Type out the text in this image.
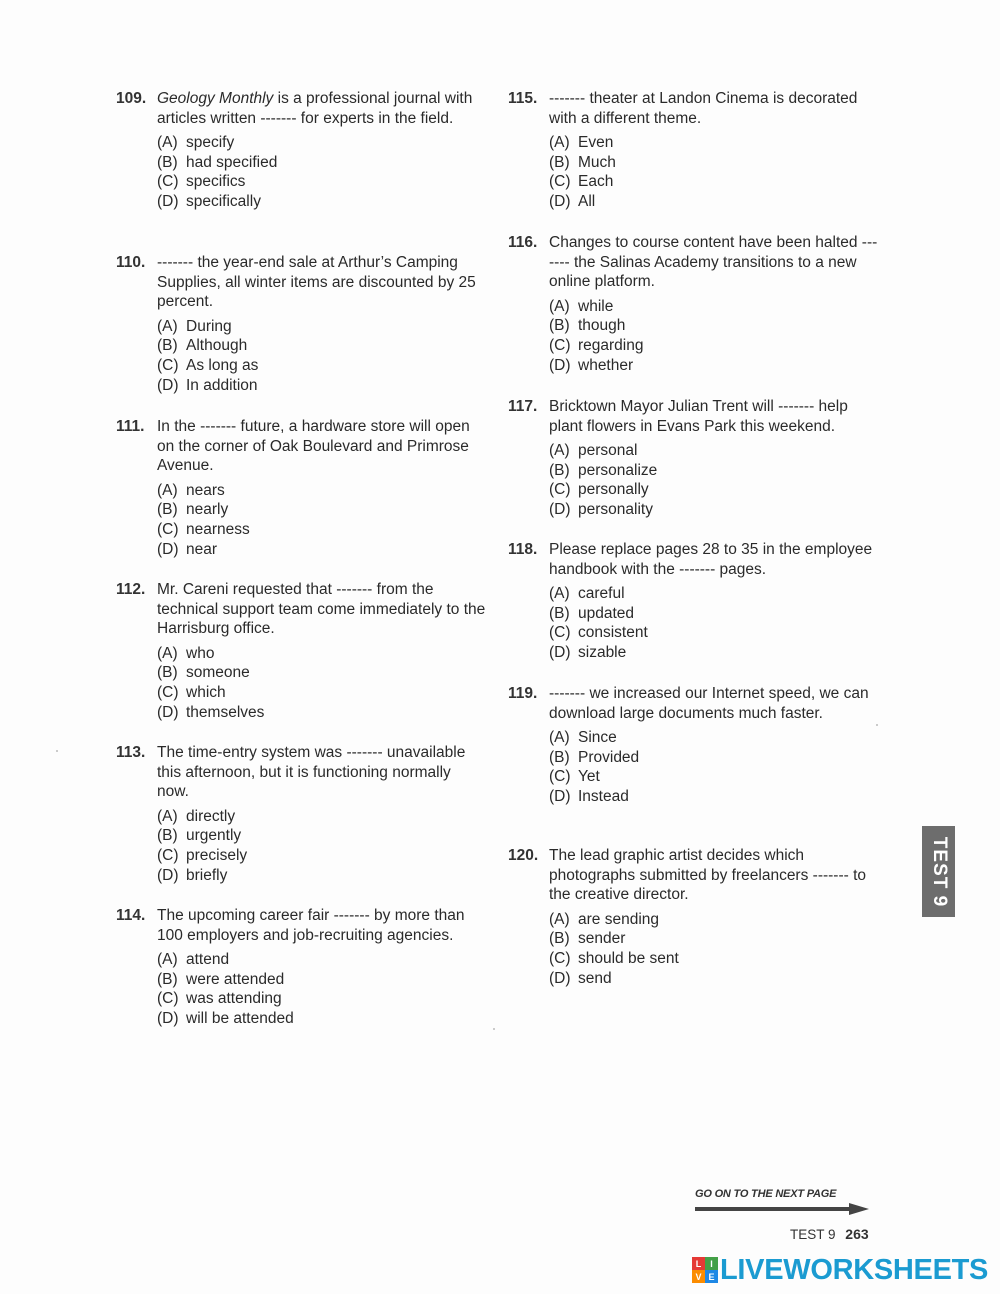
109. Geology Monthly is a professional journal with articles written ------- for experts in the field.

(A) specify
(B) had specified
(C) specifics
(D) specifically
110. ------- the year-end sale at Arthur’s Camping Supplies, all winter items are discounted by 25 percent.

(A) During
(B) Although
(C) As long as
(D) In addition
111. In the ------- future, a hardware store will open on the corner of Oak Boulevard and Primrose Avenue.

(A) nears
(B) nearly
(C) nearness
(D) near
112. Mr. Careni requested that ------- from the technical support team come immediately to the Harrisburg office.

(A) who
(B) someone
(C) which
(D) themselves
113. The time-entry system was ------- unavailable this afternoon, but it is functioning normally now.

(A) directly
(B) urgently
(C) precisely
(D) briefly
114. The upcoming career fair ------- by more than 100 employers and job-recruiting agencies.

(A) attend
(B) were attended
(C) was attending
(D) will be attended
115. ------- theater at Landon Cinema is decorated with a different theme.

(A) Even
(B) Much
(C) Each
(D) All
116. Changes to course content have been halted ------- the Salinas Academy transitions to a new online platform.

(A) while
(B) though
(C) regarding
(D) whether
117. Bricktown Mayor Julian Trent will ------- help plant flowers in Evans Park this weekend.

(A) personal
(B) personalize
(C) personally
(D) personality
118. Please replace pages 28 to 35 in the employee handbook with the ------- pages.

(A) careful
(B) updated
(C) consistent
(D) sizable
119. ------- we increased our Internet speed, we can download large documents much faster.

(A) Since
(B) Provided
(C) Yet
(D) Instead
120. The lead graphic artist decides which photographs submitted by freelancers ------- to the creative director.

(A) are sending
(B) sender
(C) should be sent
(D) send
TEST 9
GO ON TO THE NEXT PAGE
TEST 9 263
L I
V E LIVEWORKSHEETS
